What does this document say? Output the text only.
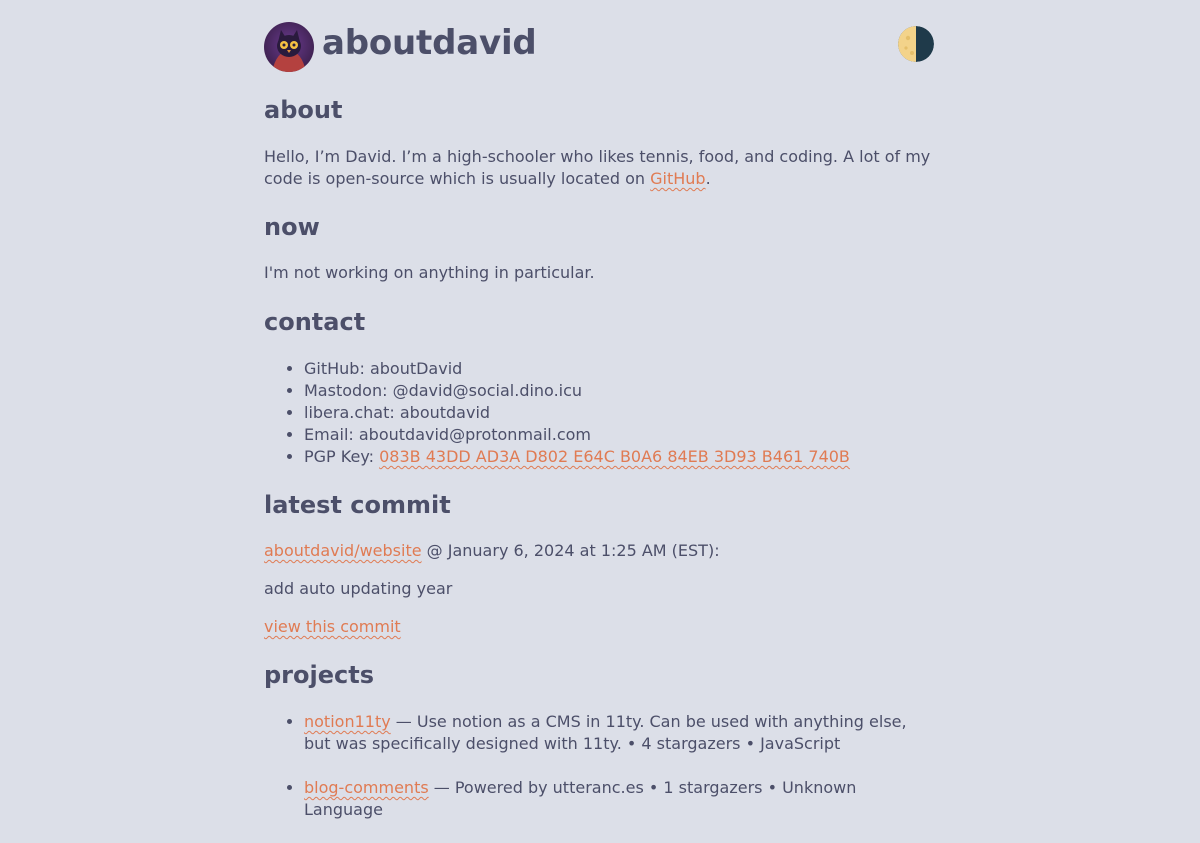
aboutdavid
about

Hello, I’m David. I’m a high-schooler who likes tennis, food, and coding. A lot of my code is open-source which is usually located on GitHub.

now

I'm not working on anything in particular.

contact
• GitHub: aboutDavid
• Mastodon: @david@social.dino.icu
• libera.chat: aboutdavid
• Email: aboutdavid@protonmail.com
• PGP Key: 083B 43DD AD3A D802 E64C B0A6 84EB 3D93 B461 740B
latest commit

aboutdavid/website @ January 6, 2024 at 1:25 AM (EST):

add auto updating year

view this commit

projects
• notion11ty — Use notion as a CMS in 11ty. Can be used with anything else, but was specifically designed with 11ty. • 4 stargazers • JavaScript
• blog-comments — Powered by utteranc.es • 1 stargazers • Unknown Language
